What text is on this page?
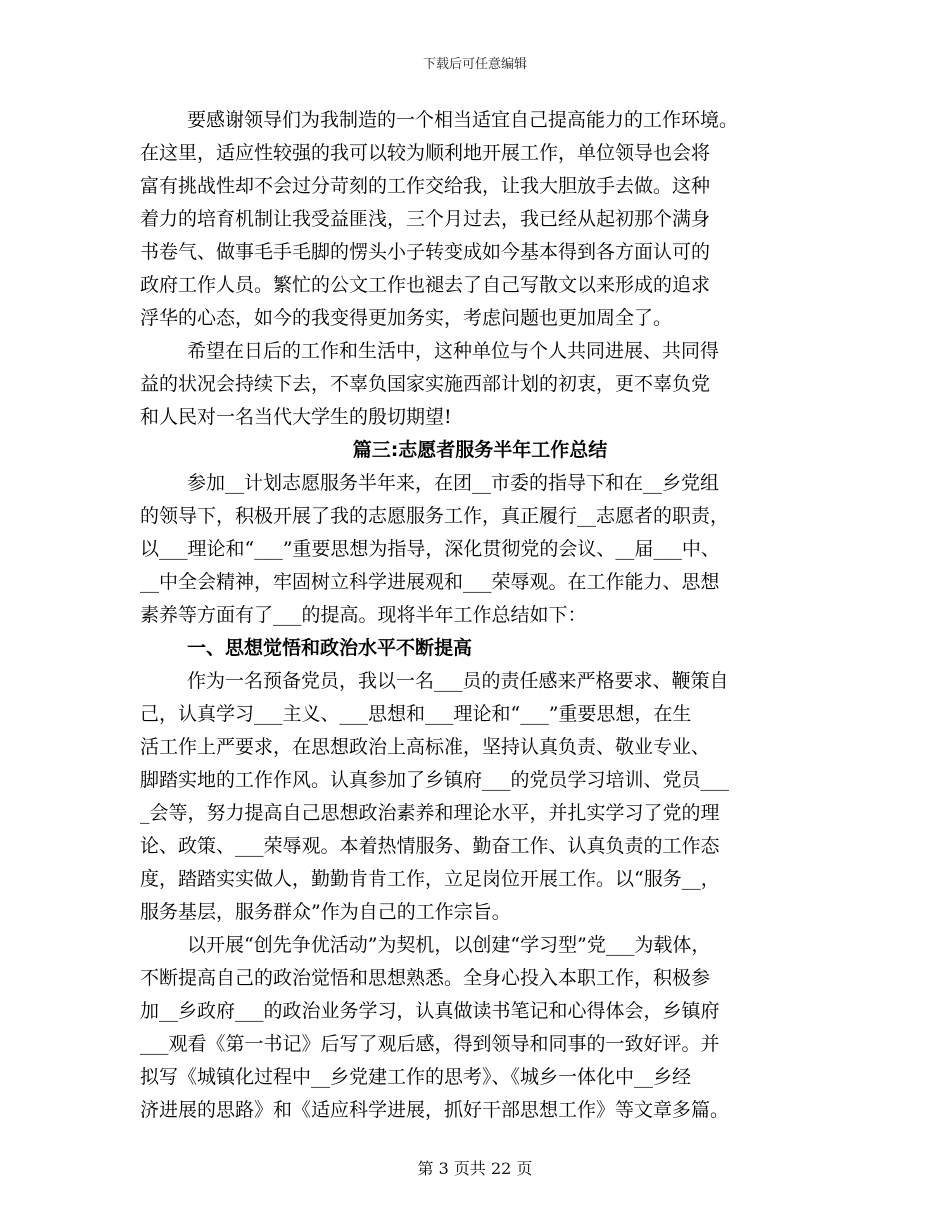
下载后可任意编辑
要感谢领导们为我制造的一个相当适宜自己提高能力的工作环境。
在这里，适应性较强的我可以较为顺利地开展工作，单位领导也会将
富有挑战性却不会过分苛刻的工作交给我，让我大胆放手去做。这种
着力的培育机制让我受益匪浅，三个月过去，我已经从起初那个满身
书卷气、做事毛手毛脚的愣头小子转变成如今基本得到各方面认可的
政府工作人员。繁忙的公文工作也褪去了自己写散文以来形成的追求
浮华的心态，如今的我变得更加务实，考虑问题也更加周全了。
希望在日后的工作和生活中，这种单位与个人共同进展、共同得
益的状况会持续下去，不辜负国家实施西部计划的初衷，更不辜负党
和人民对一名当代大学生的殷切期望!
篇三:志愿者服务半年工作总结
参加__计划志愿服务半年来，在团__市委的指导下和在__乡党组
的领导下，积极开展了我的志愿服务工作，真正履行__志愿者的职责，
以___理论和“___”重要思想为指导，深化贯彻党的会议、__届___中、
__中全会精神，牢固树立科学进展观和___荣辱观。在工作能力、思想
素养等方面有了___的提高。现将半年工作总结如下：
一、思想觉悟和政治水平不断提高
作为一名预备党员，我以一名___员的责任感来严格要求、鞭策自
己，认真学习___主义、___思想和___理论和“___”重要思想，在生
活工作上严要求，在思想政治上高标准，坚持认真负责、敬业专业、
脚踏实地的工作作风。认真参加了乡镇府___的党员学习培训、党员___
_会等，努力提高自己思想政治素养和理论水平，并扎实学习了党的理
论、政策、___荣辱观。本着热情服务、勤奋工作、认真负责的工作态
度，踏踏实实做人，勤勤肯肯工作，立足岗位开展工作。以“服务__，
服务基层，服务群众”作为自己的工作宗旨。
以开展“创先争优活动”为契机，以创建“学习型”党___为载体，
不断提高自己的政治觉悟和思想熟悉。全身心投入本职工作，积极参
加__乡政府___的政治业务学习，认真做读书笔记和心得体会，乡镇府
___观看《第一书记》后写了观后感，得到领导和同事的一致好评。并
拟写《城镇化过程中__乡党建工作的思考》、《城乡一体化中__乡经
济进展的思路》和《适应科学进展，抓好干部思想工作》等文章多篇。
第 3 页共 22 页
